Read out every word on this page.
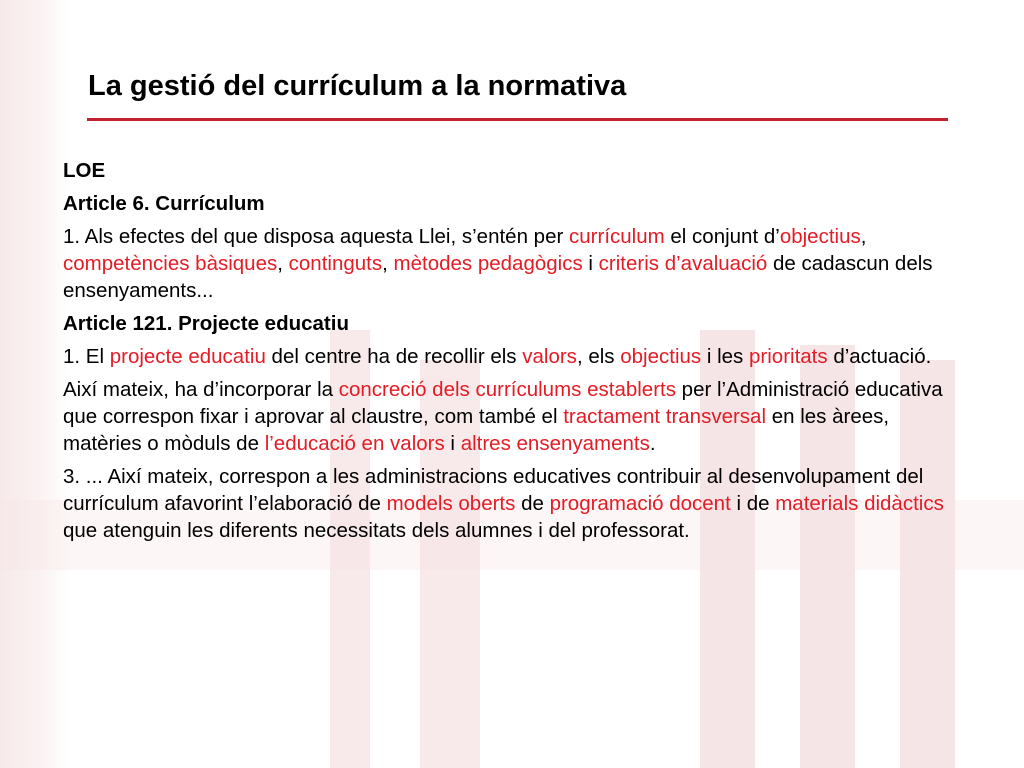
La gestió del currículum a la normativa

LOE

Article 6. Currículum

1. Als efectes del que disposa aquesta Llei, s’entén per currículum el conjunt d’objectius, competències bàsiques, continguts, mètodes pedagògics i criteris d’avaluació de cadascun dels ensenyaments...

Article 121. Projecte educatiu

1. El projecte educatiu del centre ha de recollir els valors, els objectius i les prioritats d’actuació.

Així mateix, ha d’incorporar la concreció dels currículums establerts per l’Administració educativa que correspon fixar i aprovar al claustre, com també el tractament transversal en les àrees, matèries o mòduls de l’educació en valors i altres ensenyaments.

3. ... Així mateix, correspon a les administracions educatives contribuir al desenvolupament del currículum afavorint l’elaboració de models oberts de programació docent i de materials didàctics que atenguin les diferents necessitats dels alumnes i del professorat.
